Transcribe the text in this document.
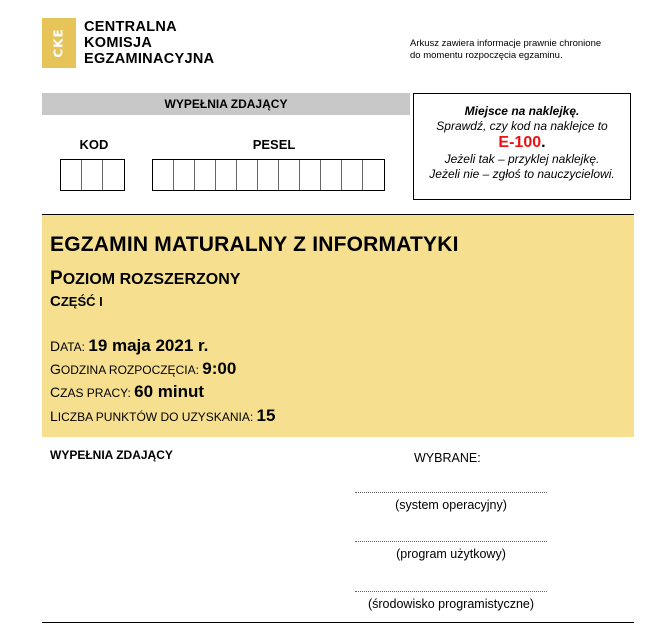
CKE
CENTRALNA
KOMISJA
EGZAMINACYJNA
Arkusz zawiera informacje prawnie chronione
do momentu rozpoczęcia egzaminu.
WYPEŁNIA ZDAJĄCY
KOD	PESEL
Miejsce na naklejkę.
Sprawdź, czy kod na naklejce to
E-100.
Jeżeli tak – przyklej naklejkę.
Jeżeli nie – zgłoś to nauczycielowi.
EGZAMIN MATURALNY Z INFORMATYKI
POZIOM ROZSZERZONY
CZĘŚĆ I
DATA: 19 maja 2021 r.
GODZINA ROZPOCZĘCIA: 9:00
CZAS PRACY: 60 minut
LICZBA PUNKTÓW DO UZYSKANIA: 15
WYPEŁNIA ZDAJĄCY	WYBRANE:
(system operacyjny)
(program użytkowy)
(środowisko programistyczne)
